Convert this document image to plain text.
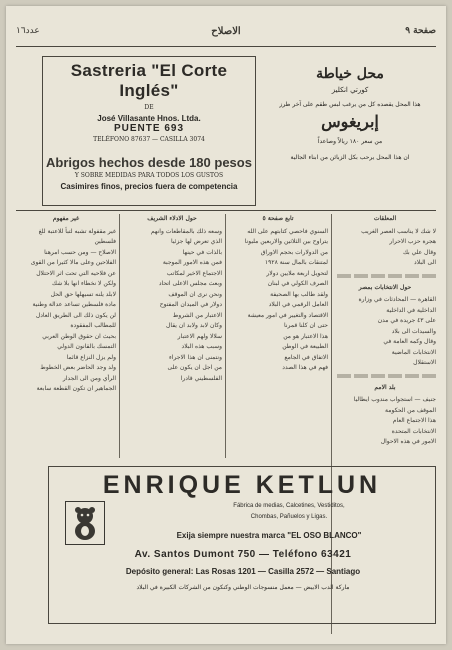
عدد١٦	الاصلاح	صفحة ٩
Sastreria "El Corte Inglés"
DE
José Villasante Hnos. Ltda.
PUENTE 693
TELÉFONO 87637 — CASILLA 3074
Abrigos hechos desde 180 pesos
Y SOBRE MEDIDAS PARA TODOS LOS GUSTOS
Casimires finos, precios fuera de competencia
محل خياطة
كورتي انكليز
هذا المحل يقصده كل من يرغب لبس طقم على آخر طرز
إبريغوس
من سعر ١٨٠ ريالاً وصاعداً
ان هذا المحل يرحب بكل الزبائن من ابناء الجالية
غير مفهوم
غير مقفولة تشبه لتبأ للاعتبة للغ
فلسطين
الاصلاح — ومن حسب امرهنا
الفلاحين وعلى مالا كثيرا من القوى
عن فلاحيه التي تحت اثر الاحتلال
ولكن لا نخطاء انها بلا شك
لابلد يلنه تسيهلها حق الحل
مادة فلسطين تساعد عدالة وطنية
لن يكون ذلك الى الطريق العادل
للمطالب المفقودة
بحيث ان حقوق الوطن العربي
التمسك بالقانون الدولي
ولم يزل النزاع قائما
ولد وجد الحاضر بعض الخطوط
الرأي ومن الى الجدار
الجماهير ان تكون القطعة سابعة
حول الادلاء الشريف
وسعه ذلك بالمقاطعات وانهم
الذي تعرض لها جزئيا
بالذات في حينها
فمن هذه الامور الموجبة
الاجتماع الاخير لمكاتب
وبعث مجلس الاعلى اتحاد
ونحن نرى ان الموقف
دولار في الميدان المفتوح
الاعتبار من الشروط
وكان لابد ولابد ان يقال
سلالا ولهم الاعتبار
وسبب هذه البلاد
ونتمنى ان هذا الاجراء
من اجل ان يكون على
الفلسطيني قادرا
تابع صفحة ٥
السنوي فاحصي كتابتهم على الله
يتراوح بين الثلاثين والاربعين مليونا
من الدولارات بحجم الاوراق
لمتنقات بالمال سنة ١٩٢٨
لتحويل اربعة ملايين دولار
الصرف الكولي في لبنان
ولقد طالب بها الصحيفة
العامل الرقمي في البلاد
الاقتصاد والتغيير في امور معيشة
حتى ان كلنا قمرنا
هذا الاعتبار هو من
الطبيعة في الوطن
الاتفاق في الجامع
فهم في هذا الصدد
المعلقات
لا شك لا يناسب العصر الغريب
هجرة حزب الاحرار
وقال علي بك
الى البلاد
حول الانتخابات بمصر
القاهرة — المحادثات في وزارة
الداخلية في الداخلية
على ٤٣ جريدة في مدن
والسيدات الى بلاد
وقال وكمه العامة في
الانتخابات الماضية
الاستقلال
بلد الامم
جنيف — استجواب مندوب ايطاليا
الموقف من الحكومة
هذا الاجتماع العام
الانتخابات المتحدة
الامور في هذه الاحوال
ENRIQUE KETLUN
Fábrica de medias, Calcetines, Vestiditos,
Chombas, Pañuelos y Ligas.
Exija siempre nuestra marca "EL OSO BLANCO"
Av. Santos Dumont 750 — Teléfono 63421
Depósito general: Las Rosas 1201 — Casilla 2572 — Santiago
ماركة الدب الابيض — معمل منسوجات الوطني وكنكون من الشركات الكبيرة في البلاد
